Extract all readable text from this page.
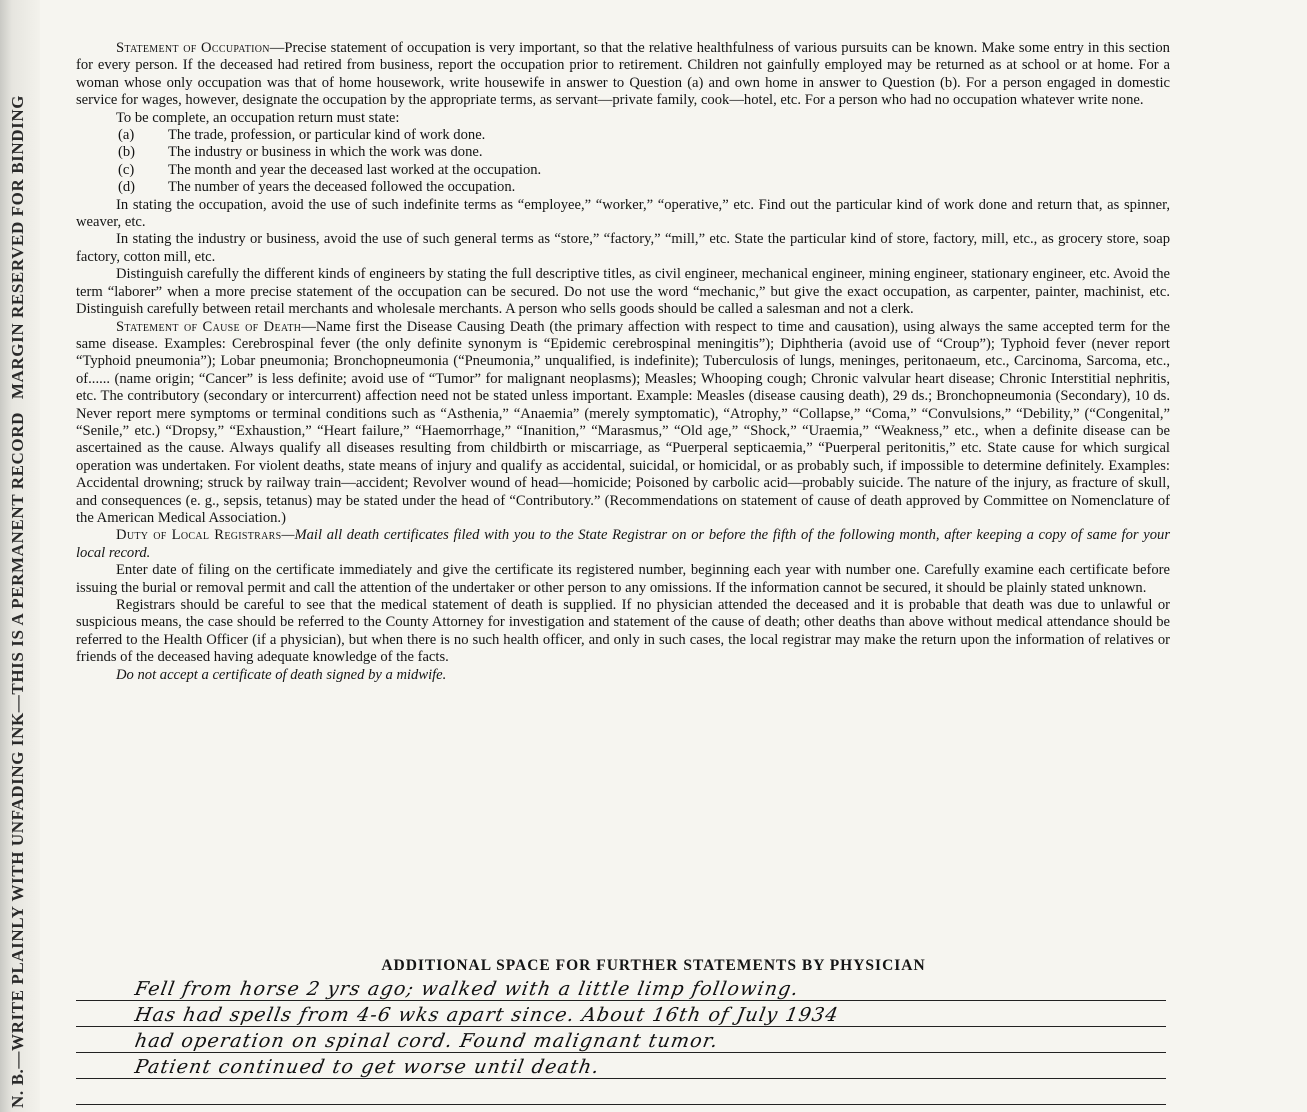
N. B.—WRITE PLAINLY WITH UNFADING INK—THIS IS A PERMANENT RECORD MARGIN RESERVED FOR BINDING

Statement of Occupation—Precise statement of occupation is very important, so that the relative healthfulness of various pursuits can be known. Make some entry in this section for every person. If the deceased had retired from business, report the occupation prior to retirement. Children not gainfully employed may be returned as at school or at home. For a woman whose only occupation was that of home housework, write housewife in answer to Question (a) and own home in answer to Question (b). For a person engaged in domestic service for wages, however, designate the occupation by the appropriate terms, as servant—private family, cook—hotel, etc. For a person who had no occupation whatever write none.

To be complete, an occupation return must state:

(a) The trade, profession, or particular kind of work done.

(b) The industry or business in which the work was done.

(c) The month and year the deceased last worked at the occupation.

(d) The number of years the deceased followed the occupation.

In stating the occupation, avoid the use of such indefinite terms as “employee,” “worker,” “operative,” etc. Find out the particular kind of work done and return that, as spinner, weaver, etc.

In stating the industry or business, avoid the use of such general terms as “store,” “factory,” “mill,” etc. State the particular kind of store, factory, mill, etc., as grocery store, soap factory, cotton mill, etc.

Distinguish carefully the different kinds of engineers by stating the full descriptive titles, as civil engineer, mechanical engineer, mining engineer, stationary engineer, etc. Avoid the term “laborer” when a more precise statement of the occupation can be secured. Do not use the word “mechanic,” but give the exact occupation, as carpenter, painter, machinist, etc. Distinguish carefully between retail merchants and wholesale merchants. A person who sells goods should be called a salesman and not a clerk.

Statement of Cause of Death—Name first the Disease Causing Death (the primary affection with respect to time and causation), using always the same accepted term for the same disease. Examples: Cerebrospinal fever (the only definite synonym is “Epidemic cerebrospinal meningitis”); Diphtheria (avoid use of “Croup”); Typhoid fever (never report “Typhoid pneumonia”); Lobar pneumonia; Bronchopneumonia (“Pneumonia,” unqualified, is indefinite); Tuberculosis of lungs, meninges, peritonaeum, etc., Carcinoma, Sarcoma, etc., of...... (name origin; “Cancer” is less definite; avoid use of “Tumor” for malignant neoplasms); Measles; Whooping cough; Chronic valvular heart disease; Chronic Interstitial nephritis, etc. The contributory (secondary or intercurrent) affection need not be stated unless important. Example: Measles (disease causing death), 29 ds.; Bronchopneumonia (Secondary), 10 ds. Never report mere symptoms or terminal conditions such as “Asthenia,” “Anaemia” (merely symptomatic), “Atrophy,” “Collapse,” “Coma,” “Convulsions,” “Debility,” (“Congenital,” “Senile,” etc.) “Dropsy,” “Exhaustion,” “Heart failure,” “Haemorrhage,” “Inanition,” “Marasmus,” “Old age,” “Shock,” “Uraemia,” “Weakness,” etc., when a definite disease can be ascertained as the cause. Always qualify all diseases resulting from childbirth or miscarriage, as “Puerperal septicaemia,” “Puerperal peritonitis,” etc. State cause for which surgical operation was undertaken. For violent deaths, state means of injury and qualify as accidental, suicidal, or homicidal, or as probably such, if impossible to determine definitely. Examples: Accidental drowning; struck by railway train—accident; Revolver wound of head—homicide; Poisoned by carbolic acid—probably suicide. The nature of the injury, as fracture of skull, and consequences (e. g., sepsis, tetanus) may be stated under the head of “Contributory.” (Recommendations on statement of cause of death approved by Committee on Nomenclature of the American Medical Association.)

Duty of Local Registrars—Mail all death certificates filed with you to the State Registrar on or before the fifth of the following month, after keeping a copy of same for your local record.

Enter date of filing on the certificate immediately and give the certificate its registered number, beginning each year with number one. Carefully examine each certificate before issuing the burial or removal permit and call the attention of the undertaker or other person to any omissions. If the information cannot be secured, it should be plainly stated unknown.

Registrars should be careful to see that the medical statement of death is supplied. If no physician attended the deceased and it is probable that death was due to unlawful or suspicious means, the case should be referred to the County Attorney for investigation and statement of the cause of death; other deaths than above without medical attendance should be referred to the Health Officer (if a physician), but when there is no such health officer, and only in such cases, the local registrar may make the return upon the information of relatives or friends of the deceased having adequate knowledge of the facts.

Do not accept a certificate of death signed by a midwife.

ADDITIONAL SPACE FOR FURTHER STATEMENTS BY PHYSICIAN
Fell from horse 2 yrs ago; walked with a little limp following.
Has had spells from 4-6 wks apart since. About 16th of July 1934
had operation on spinal cord. Found malignant tumor.
Patient continued to get worse until death.
